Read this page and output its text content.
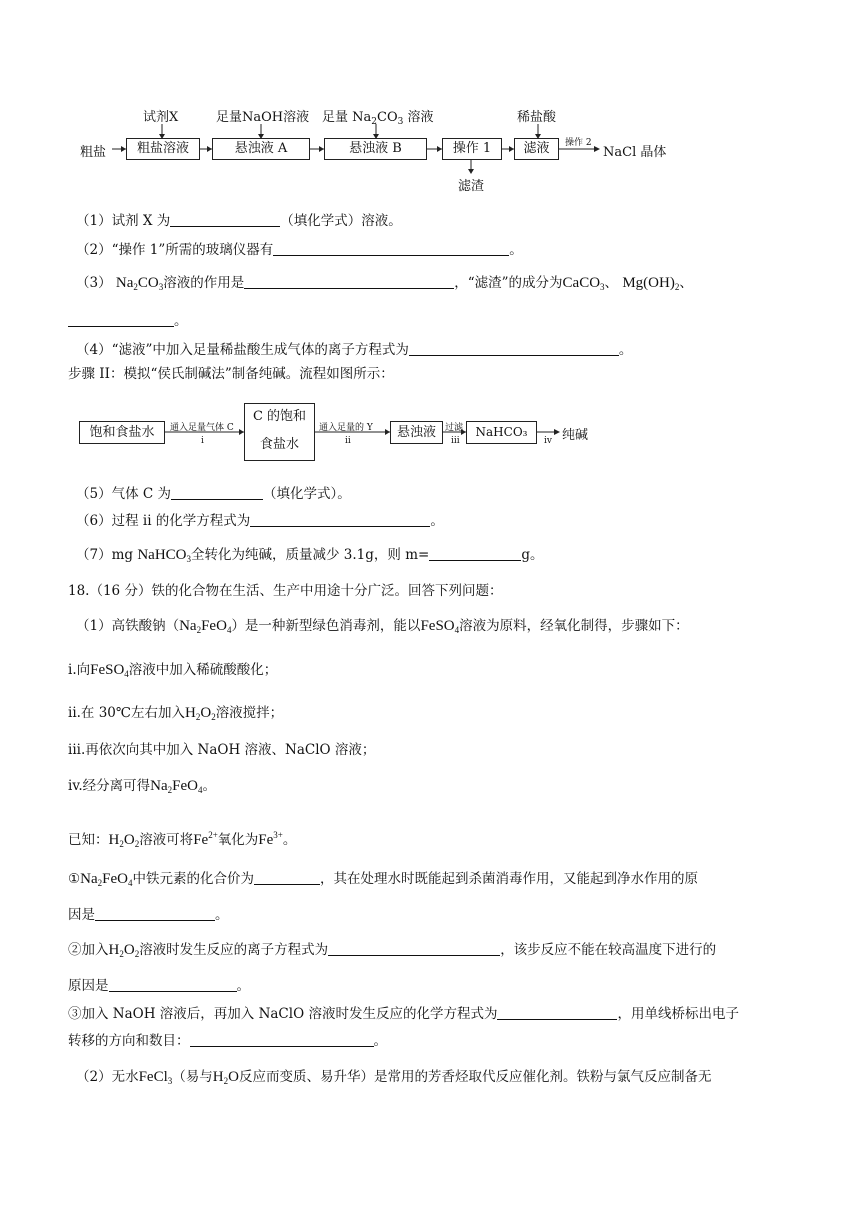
粗盐	粗盐溶液	悬浊液 A	悬浊液 B	操作 1	滤液
试剂X	足量NaOH溶液 足量 $Na_2CO_3$ 溶液	稀盐酸
滤渣
操作 2
NaCl 晶体
（1）试剂 X 为	（填化学式）溶液。
（2）“操作 1”所需的玻璃仪器有	。
（3） $Na_2CO_3$溶液的作用是	，“滤渣”的成分为CaCO$_3$、 $Mg(OH)_2$、
。
（4）“滤液”中加入足量稀盐酸生成气体的离子方程式为	。
步骤 II：模拟“侯氏制碱法”制备纯碱。流程如图所示：
饱和食盐水	通入足量气体 C
i
C 的饱和
食盐水
通入足量的 Y
ii
悬浊液	过滤
iii
NaHCO₃
iv 纯碱
（5）气体 C 为	（填化学式）。
（6）过程 ii 的化学方程式为	。
（7）mg NaHCO$_3$全转化为纯碱，质量减少 3.1g，则 m=	g。
18.（16 分）铁的化合物在生活、生产中用途十分广泛。回答下列问题：
（1）高铁酸钠$(Na_2FeO_4)$是一种新型绿色消毒剂，能以FeSO$_4$溶液为原料，经氧化制得，步骤如下：
i.向FeSO$_4$溶液中加入稀硫酸酸化；
ii.在 30℃左右加入$H_2O_2$溶液搅拌；
iii.再依次向其中加入 NaOH 溶液、NaClO 溶液；
iv.经分离可得$Na_2FeO_4$。
已知：$H_2O_2$溶液可将$Fe^{2+}$氧化为$Fe^{3+}$。
$①Na_2FeO_4$中铁元素的化合价为	，其在处理水时既能起到杀菌消毒作用，又能起到净水作用的原
因是	。
②加入$H_2O_2$溶液时发生反应的离子方程式为	，该步反应不能在较高温度下进行的
原因是	。
③加入 NaOH 溶液后，再加入 NaClO 溶液时发生反应的化学方程式为	，用单线桥标出电子
转移的方向和数目：	。
（2）无水FeCl$_3$（易与$H_2O$反应而变质、易升华）是常用的芳香烃取代反应催化剂。铁粉与氯气反应制备无
